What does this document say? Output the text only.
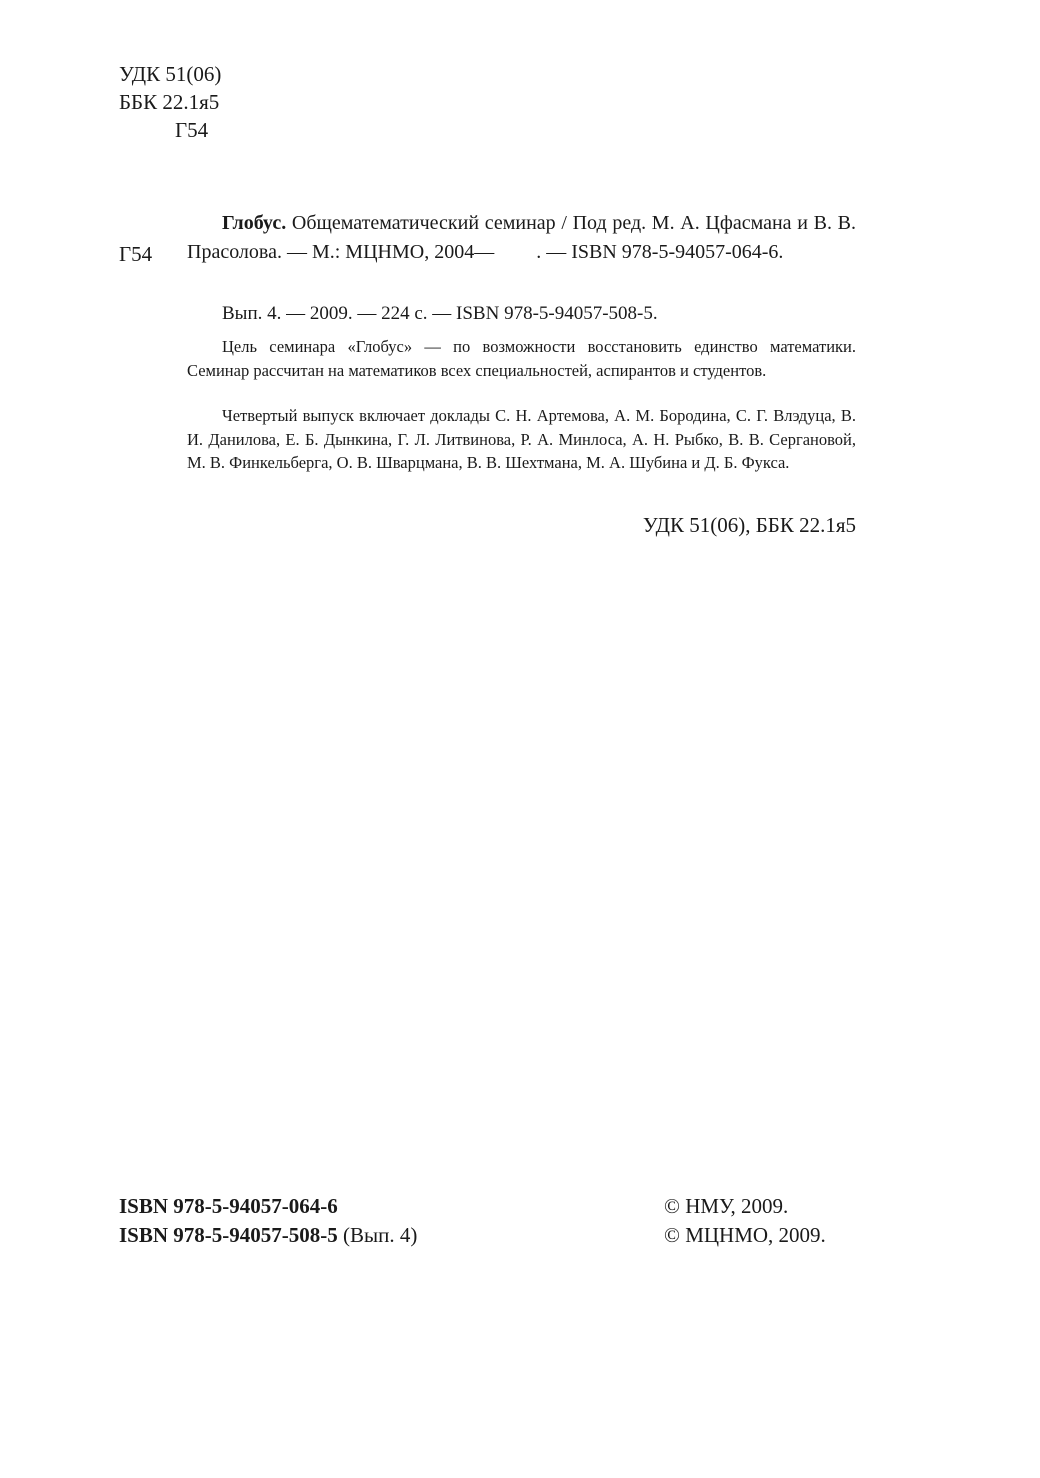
УДК 51(06)
ББК 22.1я5
Г54
Г54
Глобус. Общематематический семинар / Под ред. М. А. Цфасмана и В. В. Прасолова. — М.: МЦНМО, 2004— . — ISBN 978-5-94057-064-6.
Вып. 4. — 2009. — 224 с. — ISBN 978-5-94057-508-5.

Цель семинара «Глобус» — по возможности восстановить единство математики. Семинар рассчитан на математиков всех специальностей, аспирантов и студентов.

Четвертый выпуск включает доклады С. Н. Артемова, А. М. Бородина, С. Г. Влэдуца, В. И. Данилова, Е. Б. Дынкина, Г. Л. Литвинова, Р. А. Минлоса, А. Н. Рыбко, В. В. Сергановой, М. В. Финкельберга, О. В. Шварцмана, В. В. Шехтмана, М. А. Шубина и Д. Б. Фукса.

УДК 51(06), ББК 22.1я5
ISBN 978-5-94057-064-6
ISBN 978-5-94057-508-5 (Вып. 4)
© НМУ, 2009.
© МЦНМО, 2009.
